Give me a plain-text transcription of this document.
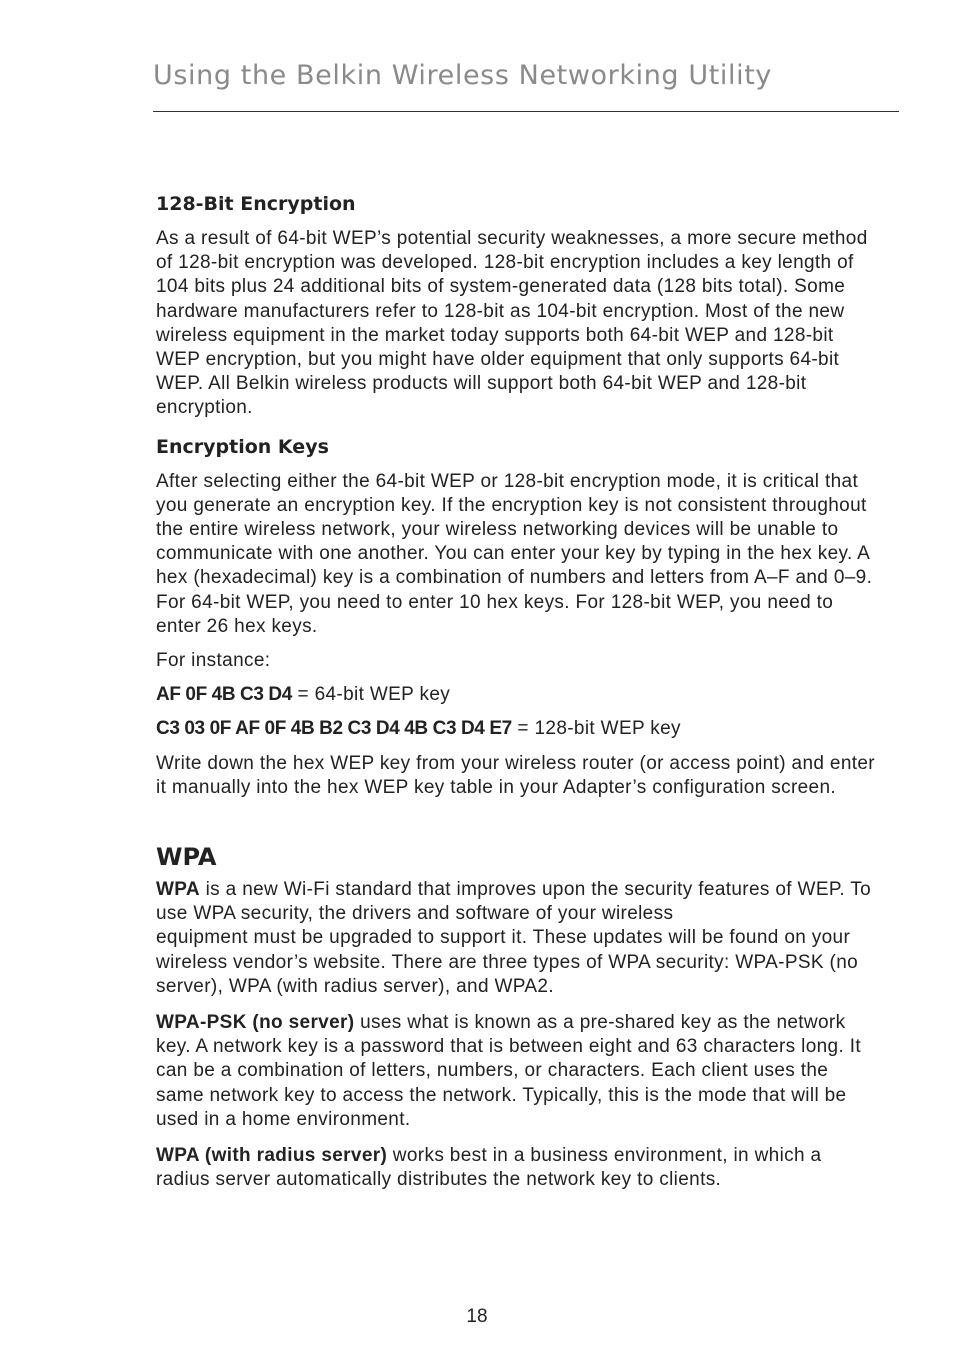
Using the Belkin Wireless Networking Utility
128-Bit Encryption

As a result of 64-bit WEP’s potential security weaknesses, a more secure method of 128-bit encryption was developed. 128-bit encryption includes a key length of 104 bits plus 24 additional bits of system-generated data (128 bits total). Some hardware manufacturers refer to 128-bit as 104-bit encryption. Most of the new wireless equipment in the market today supports both 64-bit WEP and 128-bit WEP encryption, but you might have older equipment that only supports 64-bit WEP. All Belkin wireless products will support both 64-bit WEP and 128-bit encryption.

Encryption Keys

After selecting either the 64-bit WEP or 128-bit encryption mode, it is critical that you generate an encryption key. If the encryption key is not consistent throughout the entire wireless network, your wireless networking devices will be unable to communicate with one another. You can enter your key by typing in the hex key. A hex (hexadecimal) key is a combination of numbers and letters from A–F and 0–9. For 64-bit WEP, you need to enter 10 hex keys. For 128-bit WEP, you need to enter 26 hex keys.

For instance:

AF 0F 4B C3 D4 = 64-bit WEP key

C3 03 0F AF 0F 4B B2 C3 D4 4B C3 D4 E7 = 128-bit WEP key

Write down the hex WEP key from your wireless router (or access point) and enter it manually into the hex WEP key table in your Adapter’s configuration screen.

WPA

WPA is a new Wi-Fi standard that improves upon the security features of WEP. To use WPA security, the drivers and software of your wireless
equipment must be upgraded to support it. These updates will be found on your wireless vendor’s website. There are three types of WPA security: WPA-PSK (no server), WPA (with radius server), and WPA2.

WPA-PSK (no server) uses what is known as a pre-shared key as the network key. A network key is a password that is between eight and 63 characters long. It can be a combination of letters, numbers, or characters. Each client uses the same network key to access the network. Typically, this is the mode that will be used in a home environment.

WPA (with radius server) works best in a business environment, in which a radius server automatically distributes the network key to clients.

18
